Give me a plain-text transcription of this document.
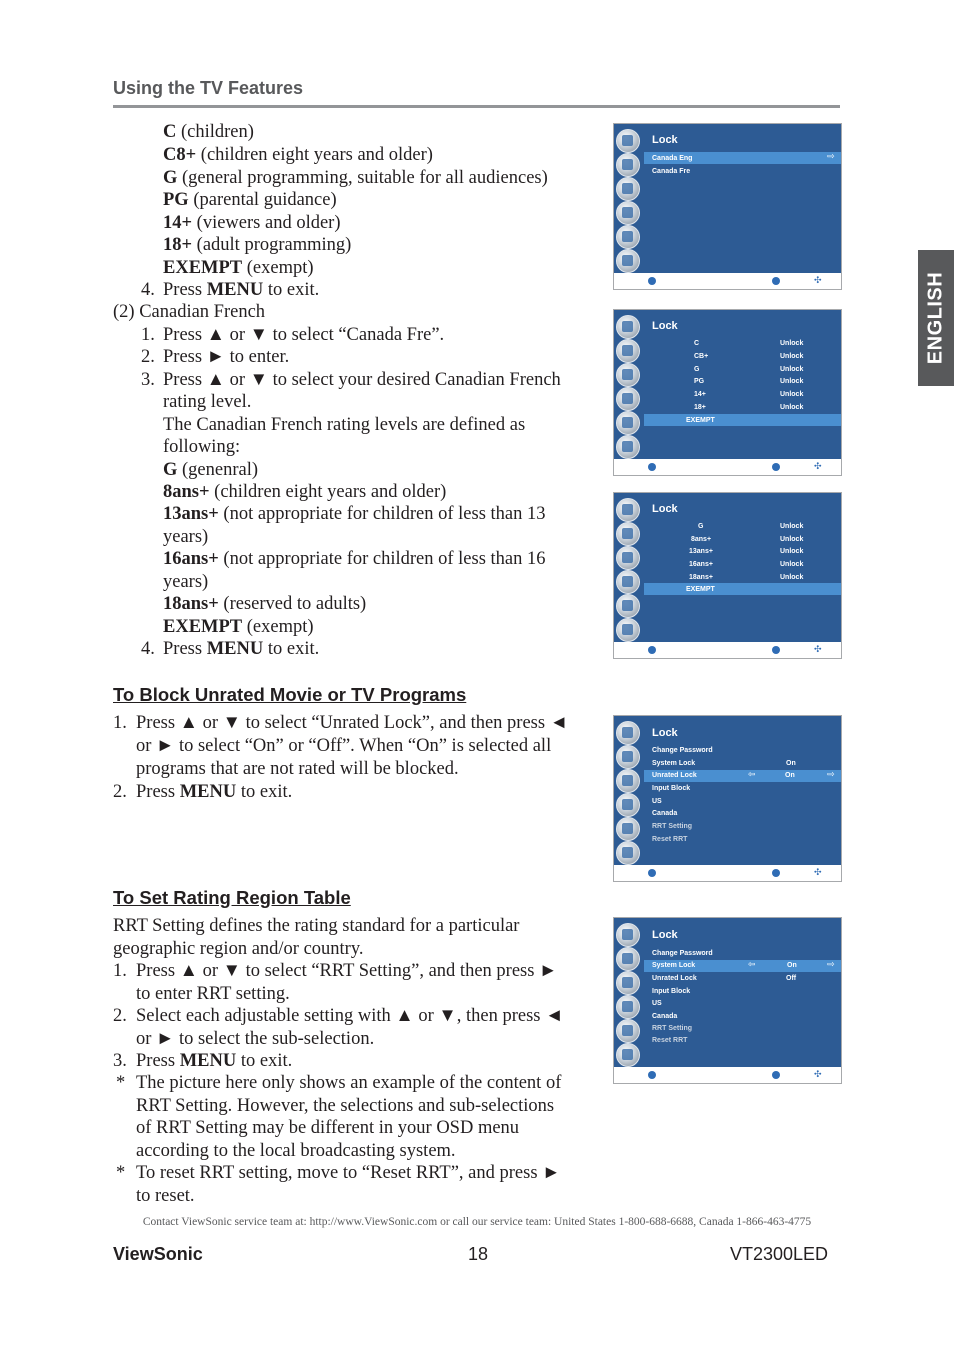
Using the TV Features
ENGLISH
C (children)
C8+ (children eight years and older)
G (general programming, suitable for all audiences)
PG (parental guidance)
14+ (viewers and older)
18+ (adult programming)
EXEMPT (exempt)
4. Press MENU to exit.
(2) Canadian French
1. Press ▲ or ▼ to select “Canada Fre”.
2. Press ► to enter.
3. Press ▲ or ▼ to select your desired Canadian French
rating level.
The Canadian French rating levels are defined as
following:
G (genenral)
8ans+ (children eight years and older)
13ans+ (not appropriate for children of less than 13
years)
16ans+ (not appropriate for children of less than 16
years)
18ans+ (reserved to adults)
EXEMPT (exempt)
4. Press MENU to exit.
To Block Unrated Movie or TV Programs
1. Press ▲ or ▼ to select “Unrated Lock”, and then press ◄
or ► to select “On” or “Off”. When “On” is selected all
programs that are not rated will be blocked.
2. Press MENU to exit.
To Set Rating Region Table
RRT Setting defines the rating standard for a particular
geographic region and/or country.
1. Press ▲ or ▼ to select “RRT Setting”, and then press ►
to enter RRT setting.
2. Select each adjustable setting with ▲ or ▼, then press ◄
or ► to select the sub-selection.
3. Press MENU to exit.
* The picture here only shows an example of the content of
RRT Setting. However, the selections and sub-selections
of RRT Setting may be different in your OSD menu
according to the local broadcasting system.
* To reset RRT setting, move to “Reset RRT”, and press ►
to reset.
Lock
Canada Eng	⇨
Canada Fre
✣
Lock
C	Unlock
CB+	Unlock
G	Unlock
PG	Unlock
14+	Unlock
18+	Unlock
EXEMPT
✣
Lock
G	Unlock
8ans+	Unlock
13ans+	Unlock
16ans+	Unlock
18ans+	Unlock
EXEMPT
✣
Lock
Change Password
System Lock	On
Unrated Lock	⇦	On	⇨
Input Block
US
Canada
RRT Setting
Reset RRT
✣
Lock
Change Password
System Lock	⇦	On	⇨
Unrated Lock	Off
Input Block
US
Canada
RRT Setting
Reset RRT
✣
Contact ViewSonic service team at: http://www.ViewSonic.com or call our service team: United States 1-800-688-6688, Canada 1-866-463-4775
ViewSonic	18	VT2300LED
